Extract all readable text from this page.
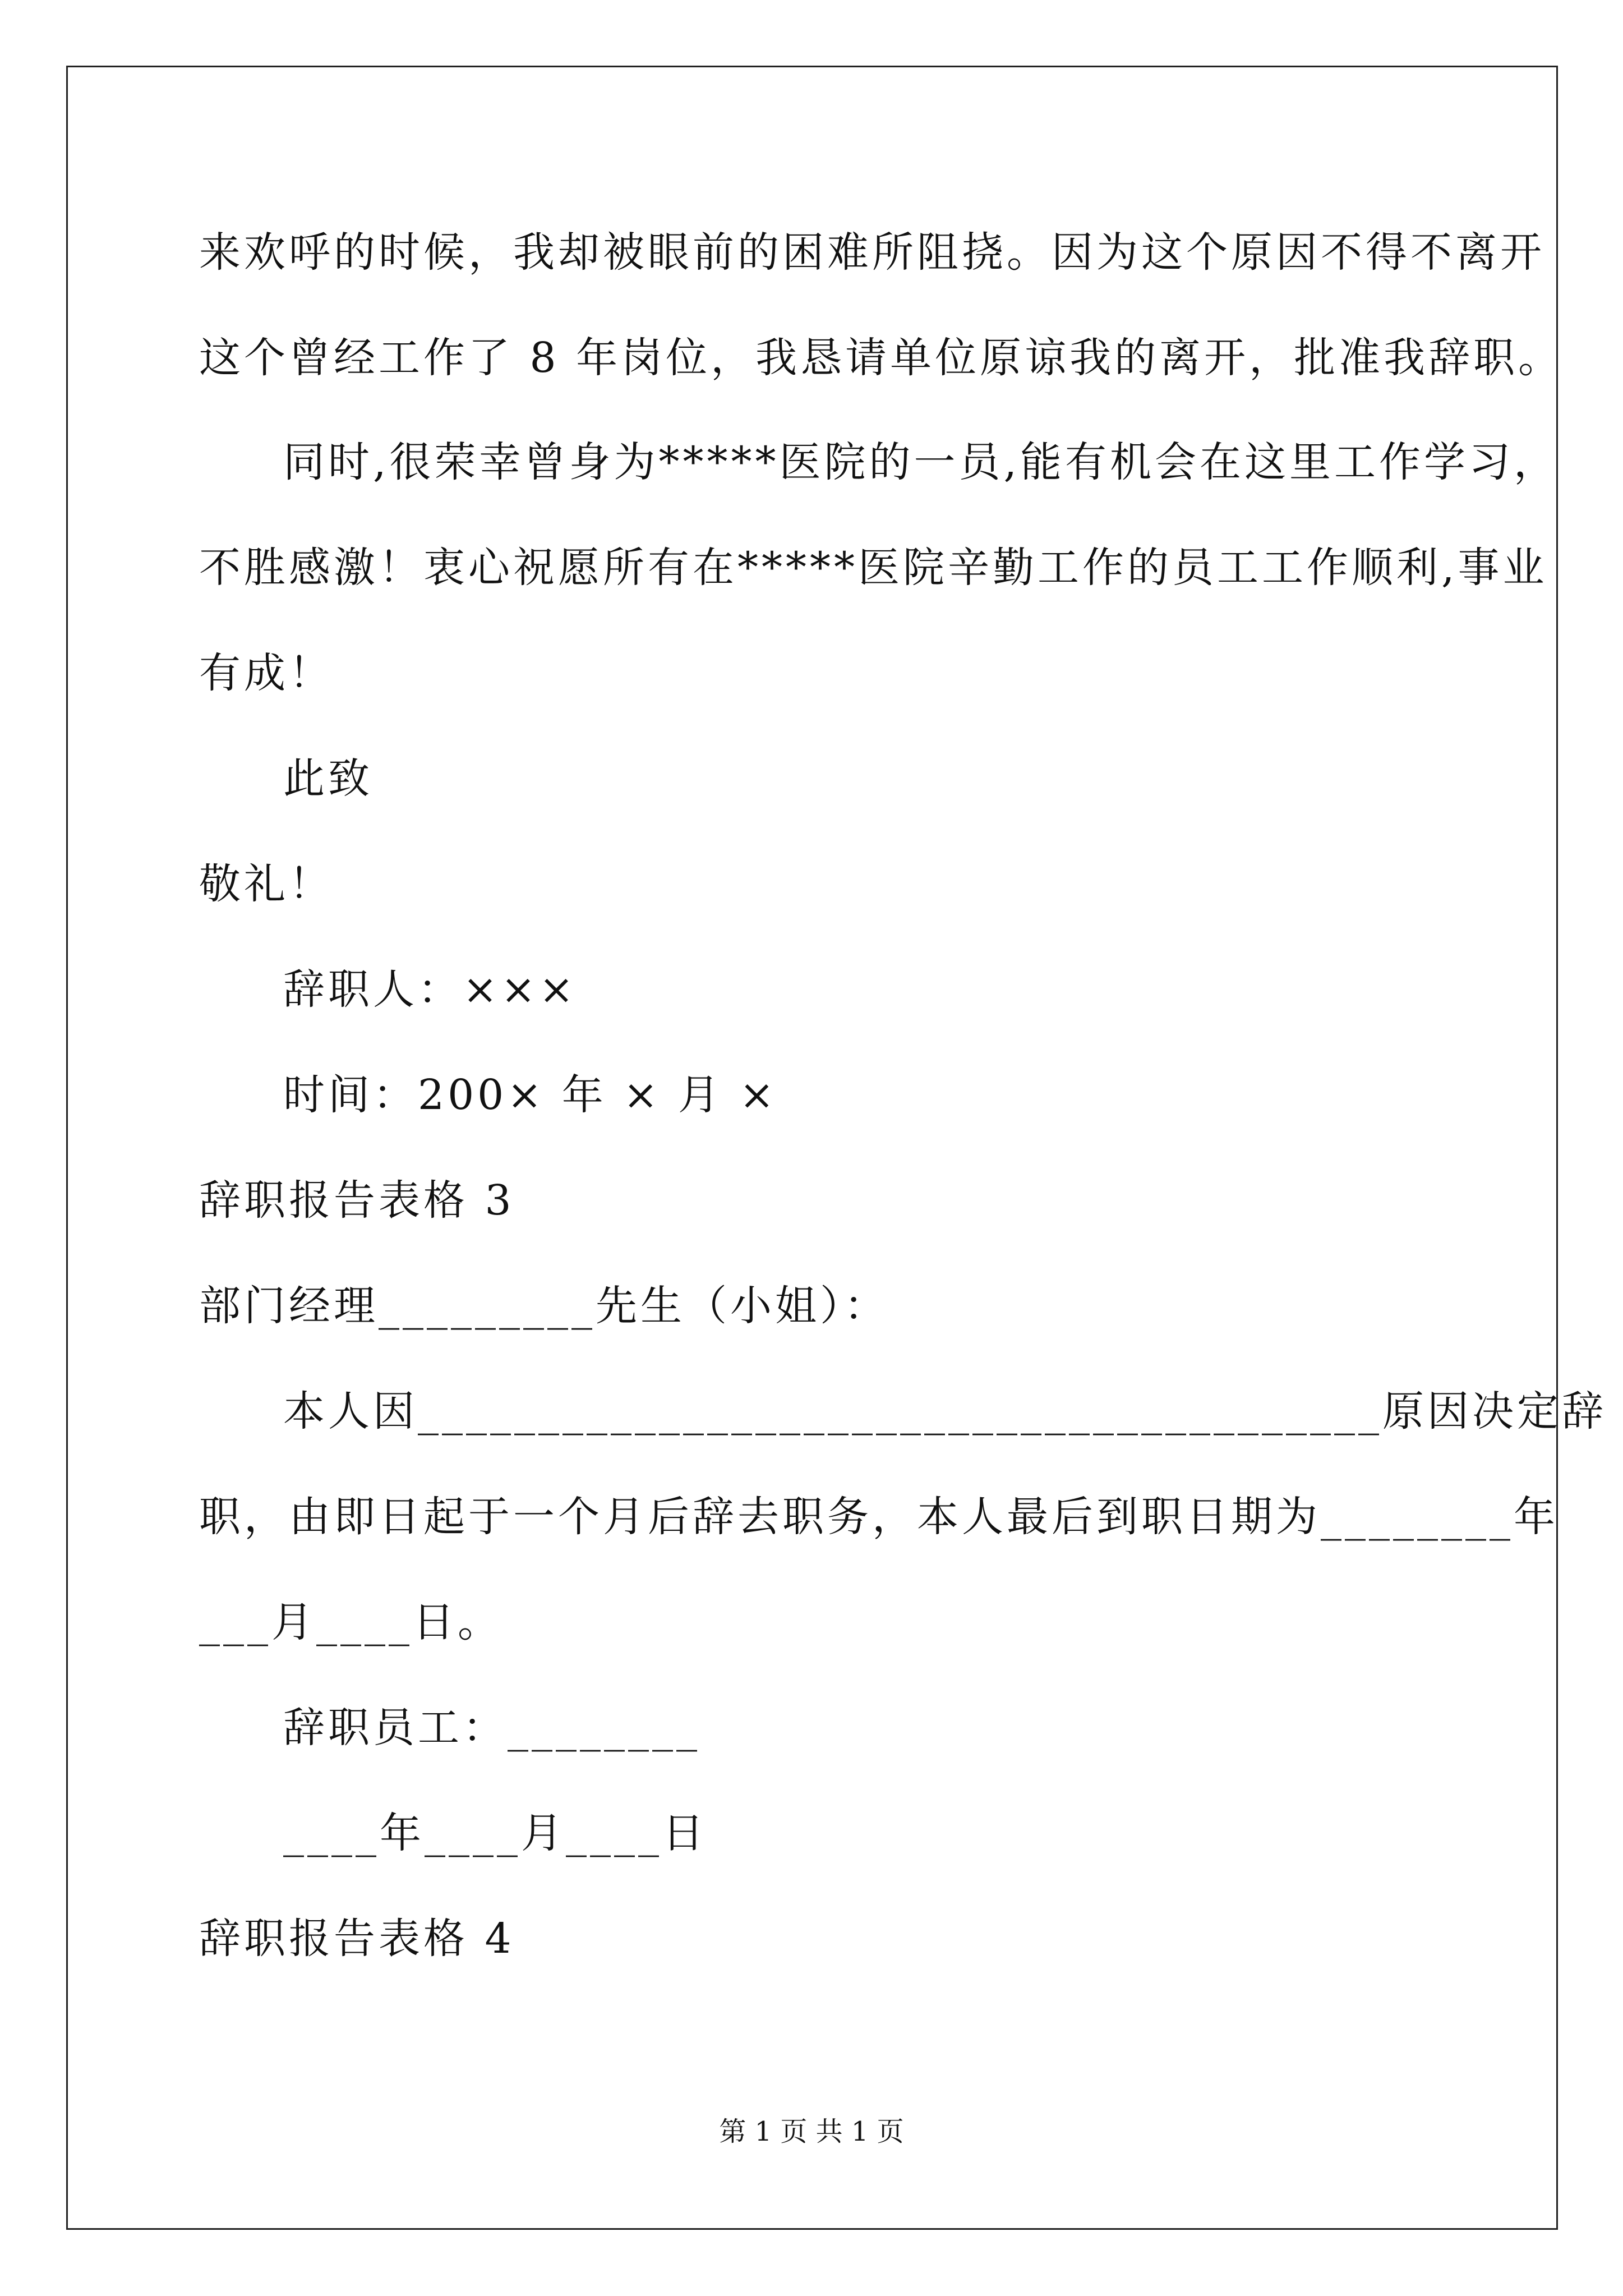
来欢呼的时候，我却被眼前的困难所阻挠。因为这个原因不得不离开
这个曾经工作了 8 年岗位，我恳请单位原谅我的离开，批准我辞职。
同时,很荣幸曾身为*****医院的一员,能有机会在这里工作学习，
不胜感激！衷心祝愿所有在*****医院辛勤工作的员工工作顺利,事业
有成！
此致
敬礼！
辞职人：×××
时间：200× 年 × 月 ×
辞职报告表格 3
部门经理_________先生（小姐）：
本人因________________________________________原因决定辞
职，由即日起于一个月后辞去职务，本人最后到职日期为________年
___月____日。
辞职员工：________
____年____月____日
辞职报告表格 4
第 1 页 共 1 页
